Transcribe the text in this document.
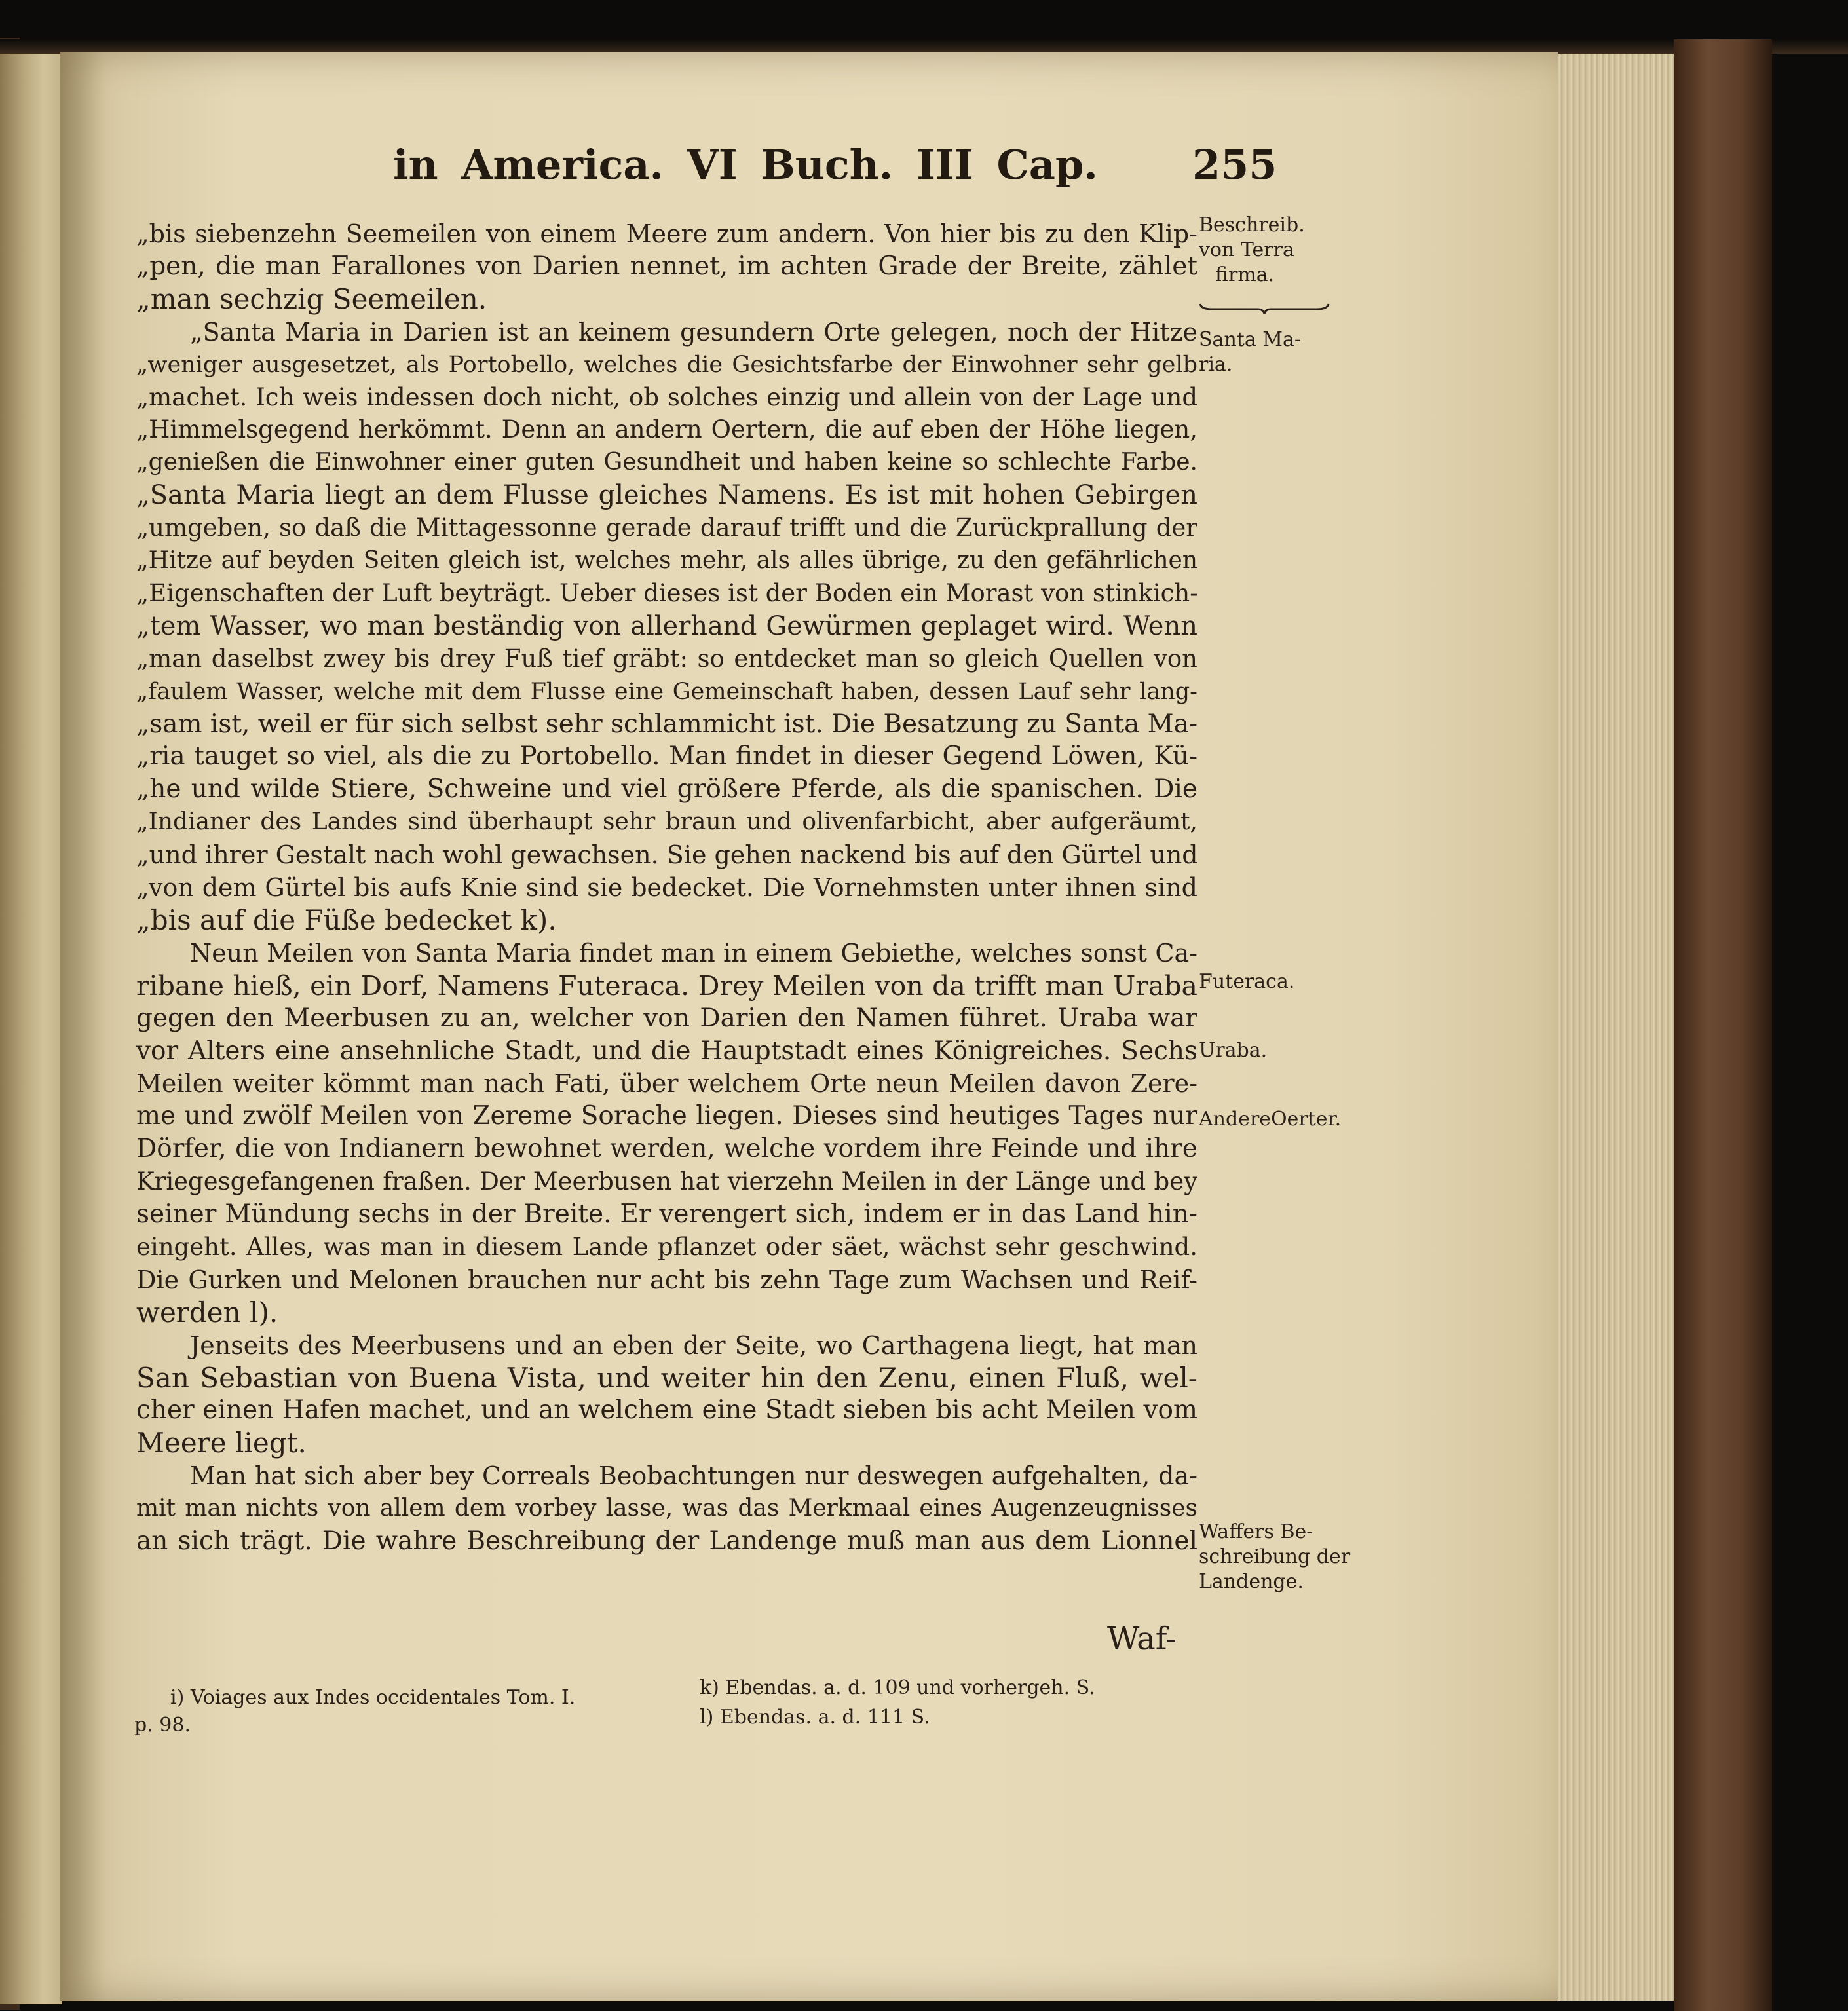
in America. VI Buch. III Cap. 255
„bis siebenzehn Seemeilen von einem Meere zum andern. Von hier bis zu den Klip-
„pen, die man Farallones von Darien nennet, im achten Grade der Breite, zählet
„man sechzig Seemeilen.
„Santa Maria in Darien ist an keinem gesundern Orte gelegen, noch der Hitze
„weniger ausgesetzet, als Portobello, welches die Gesichtsfarbe der Einwohner sehr gelb
„machet. Ich weis indessen doch nicht, ob solches einzig und allein von der Lage und
„Himmelsgegend herkömmt. Denn an andern Oertern, die auf eben der Höhe liegen,
„genießen die Einwohner einer guten Gesundheit und haben keine so schlechte Farbe.
„Santa Maria liegt an dem Flusse gleiches Namens. Es ist mit hohen Gebirgen
„umgeben, so daß die Mittagessonne gerade darauf trifft und die Zurückprallung der
„Hitze auf beyden Seiten gleich ist, welches mehr, als alles übrige, zu den gefährlichen
„Eigenschaften der Luft beyträgt. Ueber dieses ist der Boden ein Morast von stinkich-
„tem Wasser, wo man beständig von allerhand Gewürmen geplaget wird. Wenn
„man daselbst zwey bis drey Fuß tief gräbt: so entdecket man so gleich Quellen von
„faulem Wasser, welche mit dem Flusse eine Gemeinschaft haben, dessen Lauf sehr lang-
„sam ist, weil er für sich selbst sehr schlammicht ist. Die Besatzung zu Santa Ma-
„ria tauget so viel, als die zu Portobello. Man findet in dieser Gegend Löwen, Kü-
„he und wilde Stiere, Schweine und viel größere Pferde, als die spanischen. Die
„Indianer des Landes sind überhaupt sehr braun und olivenfarbicht, aber aufgeräumt,
„und ihrer Gestalt nach wohl gewachsen. Sie gehen nackend bis auf den Gürtel und
„von dem Gürtel bis aufs Knie sind sie bedecket. Die Vornehmsten unter ihnen sind
„bis auf die Füße bedecket k).
Neun Meilen von Santa Maria findet man in einem Gebiethe, welches sonst Ca-
ribane hieß, ein Dorf, Namens Futeraca. Drey Meilen von da trifft man Uraba
gegen den Meerbusen zu an, welcher von Darien den Namen führet. Uraba war
vor Alters eine ansehnliche Stadt, und die Hauptstadt eines Königreiches. Sechs
Meilen weiter kömmt man nach Fati, über welchem Orte neun Meilen davon Zere-
me und zwölf Meilen von Zereme Sorache liegen. Dieses sind heutiges Tages nur
Dörfer, die von Indianern bewohnet werden, welche vordem ihre Feinde und ihre
Kriegesgefangenen fraßen. Der Meerbusen hat vierzehn Meilen in der Länge und bey
seiner Mündung sechs in der Breite. Er verengert sich, indem er in das Land hin-
eingeht. Alles, was man in diesem Lande pflanzet oder säet, wächst sehr geschwind.
Die Gurken und Melonen brauchen nur acht bis zehn Tage zum Wachsen und Reif-
werden l).
Jenseits des Meerbusens und an eben der Seite, wo Carthagena liegt, hat man
San Sebastian von Buena Vista, und weiter hin den Zenu, einen Fluß, wel-
cher einen Hafen machet, und an welchem eine Stadt sieben bis acht Meilen vom
Meere liegt.
Man hat sich aber bey Correals Beobachtungen nur deswegen aufgehalten, da-
mit man nichts von allem dem vorbey lasse, was das Merkmaal eines Augenzeugnisses
an sich trägt. Die wahre Beschreibung der Landenge muß man aus dem Lionnel
Beschreib.
von Terra
firma.
Santa Ma-
ria.
Futeraca.
Uraba.
AndereOerter.
Waffers Be-
schreibung der
Landenge.
Waf-
i) Voiages aux Indes occidentales Tom. I.
p. 98.
k) Ebendas. a. d. 109 und vorhergeh. S.
l) Ebendas. a. d. 111 S.
